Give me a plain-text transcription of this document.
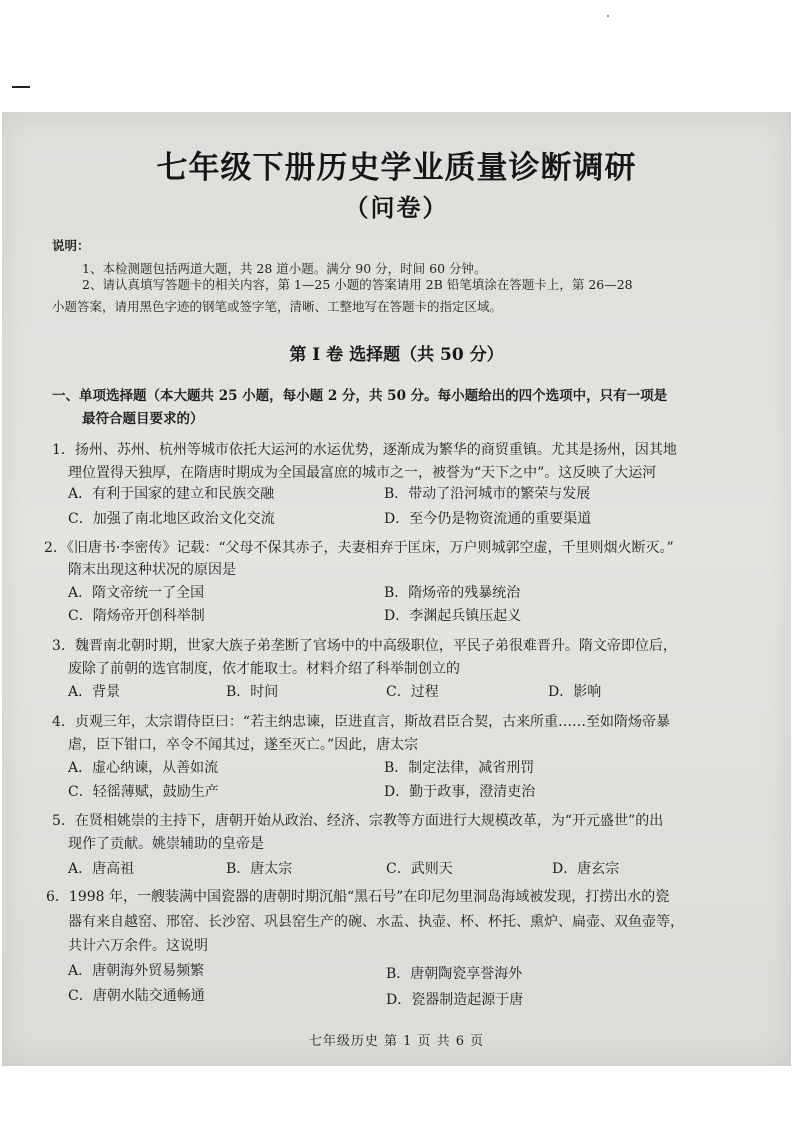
七年级下册历史学业质量诊断调研
（问卷）
说明：
1、本检测题包括两道大题，共 28 道小题。满分 90 分，时间 60 分钟。
2、请认真填写答题卡的相关内容，第 1—25 小题的答案请用 2B 铅笔填涂在答题卡上，第 26—28
小题答案，请用黑色字迹的钢笔或签字笔，清晰、工整地写在答题卡的指定区域。
第 Ⅰ 卷 选择题（共 50 分）
一、单项选择题（本大题共 25 小题，每小题 2 分，共 50 分。每小题给出的四个选项中，只有一项是
最符合题目要求的）
1．扬州、苏州、杭州等城市依托大运河的水运优势，逐渐成为繁华的商贸重镇。尤其是扬州，因其地
理位置得天独厚，在隋唐时期成为全国最富庶的城市之一，被誉为“天下之中”。这反映了大运河
A．有利于国家的建立和民族交融	B．带动了沿河城市的繁荣与发展
C．加强了南北地区政治文化交流	D．至今仍是物资流通的重要渠道
2．《旧唐书·李密传》记载：“父母不保其赤子，夫妻相弃于匡床，万户则城郭空虚，千里则烟火断灭。”
隋末出现这种状况的原因是
A．隋文帝统一了全国	B．隋炀帝的残暴统治
C．隋炀帝开创科举制	D．李渊起兵镇压起义
3．魏晋南北朝时期，世家大族子弟垄断了官场中的中高级职位，平民子弟很难晋升。隋文帝即位后，
废除了前朝的选官制度，依才能取士。材料介绍了科举制创立的
A．背景	B．时间	C．过程	D．影响
4．贞观三年，太宗谓侍臣曰：“若主纳忠谏，臣进直言，斯故君臣合契，古来所重……至如隋炀帝暴
虐，臣下钳口，卒令不闻其过，遂至灭亡。”因此，唐太宗
A．虚心纳谏，从善如流	B．制定法律，减省刑罚
C．轻徭薄赋，鼓励生产	D．勤于政事，澄清吏治
5．在贤相姚崇的主持下，唐朝开始从政治、经济、宗教等方面进行大规模改革，为“开元盛世”的出
现作了贡献。姚崇辅助的皇帝是
A．唐高祖	B．唐太宗	C．武则天	D．唐玄宗
6．1998 年，一艘装满中国瓷器的唐朝时期沉船“黑石号”在印尼勿里洞岛海域被发现，打捞出水的瓷
器有来自越窑、邢窑、长沙窑、巩县窑生产的碗、水盂、执壶、杯、杯托、熏炉、扁壶、双鱼壶等，
共计六万余件。这说明
A．唐朝海外贸易频繁	B．唐朝陶瓷享誉海外
C．唐朝水陆交通畅通	D．瓷器制造起源于唐
七年级历史 第 1 页 共 6 页
